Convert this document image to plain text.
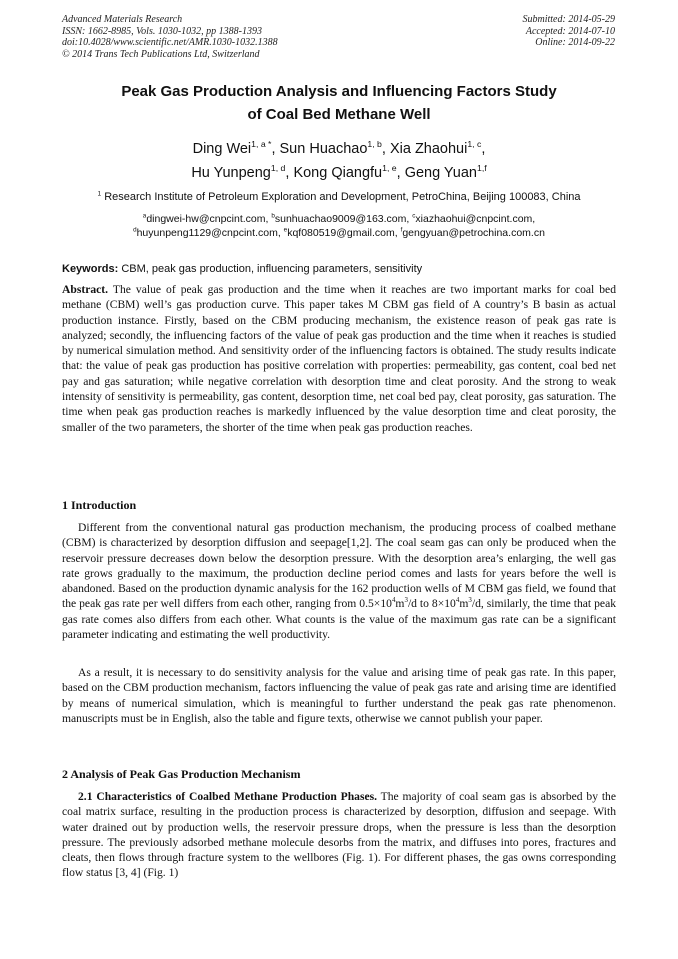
Advanced Materials Research
ISSN: 1662-8985, Vols. 1030-1032, pp 1388-1393
doi:10.4028/www.scientific.net/AMR.1030-1032.1388
© 2014 Trans Tech Publications Ltd, Switzerland
Submitted: 2014-05-29
Accepted: 2014-07-10
Online: 2014-09-22
Peak Gas Production Analysis and Influencing Factors Study
of Coal Bed Methane Well
Ding Wei$^{1, a *}$, Sun Huachao$^{1, b}$, Xia Zhaohui$^{1, c}$,
Hu Yunpeng$^{1, d}$, Kong Qiangfu$^{1, e}$, Geng Yuan$^{1,f}$
$^1$ Research Institute of Petroleum Exploration and Development, PetroChina, Beijing 100083, China
$^a$dingwei-hw@cnpcint.com, $^b$sunhuachao9009@163.com, $^c$xiazhaohui@cnpcint.com,
$^d$huyunpeng1129@cnpcint.com, $^e$kqf080519@gmail.com, $^f$gengyuan@petrochina.com.cn
Keywords: CBM, peak gas production, influencing parameters, sensitivity

Abstract. The value of peak gas production and the time when it reaches are two important marks for coal bed methane (CBM) well’s gas production curve. This paper takes M CBM gas field of A country’s B basin as actual production instance. Firstly, based on the CBM producing mechanism, the existence reason of peak gas rate is analyzed; secondly, the influencing factors of the value of peak gas production and the time when it reaches is studied by numerical simulation method. And sensitivity order of the influencing factors is obtained. The study results indicate that: the value of peak gas production has positive correlation with properties: permeability, gas content, coal bed net pay and gas saturation; while negative correlation with desorption time and cleat porosity. And the strong to weak intensity of sensitivity is permeability, gas content, desorption time, net coal bed pay, cleat porosity, gas saturation. The time when peak gas production reaches is markedly influenced by the value desorption time and cleat porosity, the smaller of the two parameters, the shorter of the time when peak gas production reaches.

1 Introduction

Different from the conventional natural gas production mechanism, the producing process of coalbed methane (CBM) is characterized by desorption diffusion and seepage[1,2]. The coal seam gas can only be produced when the reservoir pressure decreases down below the desorption pressure. With the desorption area’s enlarging, the well gas rate grows gradually to the maximum, the production decline period comes and lasts for years before the well is abandoned. Based on the production dynamic analysis for the 162 production wells of M CBM gas field, we found that the peak gas rate per well differs from each other, ranging from $0.5\times 10^4m^3/d$ to $8\times 10^4m^3/d$, similarly, the time that peak gas rate comes also differs from each other. What counts is the value of the maximum gas rate can be a significant parameter indicating and estimating the well productivity.

As a result, it is necessary to do sensitivity analysis for the value and arising time of peak gas rate. In this paper, based on the CBM production mechanism, factors influencing the value of peak gas rate and arising time are identified by means of numerical simulation, which is meaningful to further understand the peak gas rate phenomenon. manuscripts must be in English, also the table and figure texts, otherwise we cannot publish your paper.

2 Analysis of Peak Gas Production Mechanism

2.1 Characteristics of Coalbed Methane Production Phases. The majority of coal seam gas is absorbed by the coal matrix surface, resulting in the production process is characterized by desorption, diffusion and seepage. With water drained out by production wells, the reservoir pressure drops, when the pressure is less than the desorption pressure. The previously adsorbed methane molecule desorbs from the matrix, and diffuses into pores, fractures and cleats, then flows through fracture system to the wellbores (Fig. 1). For different phases, the gas owns corresponding flow status [3, 4] (Fig. 1)
